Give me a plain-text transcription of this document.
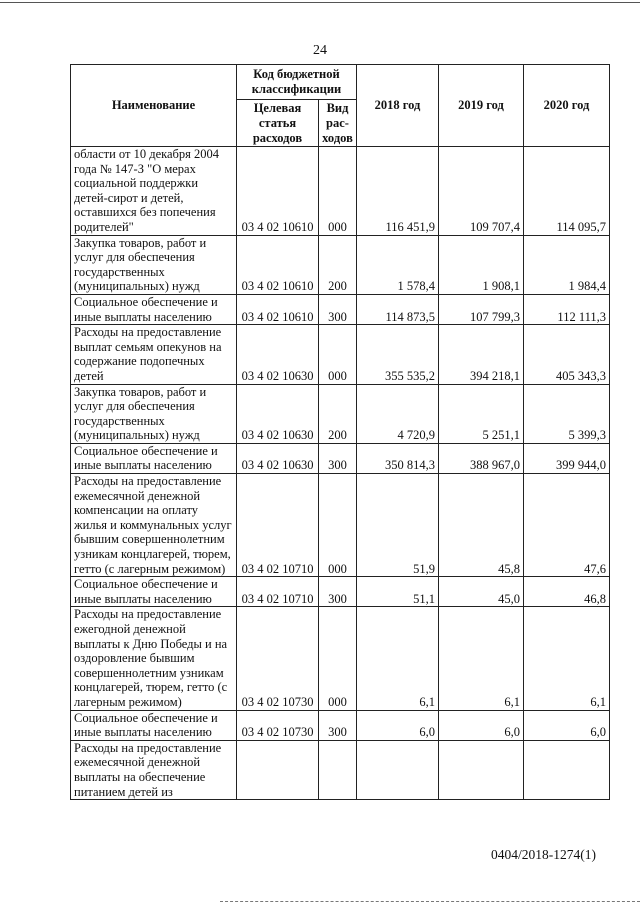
24
Наименование	Код бюджетной классификации		2018 год	2019 год	2020 год
	Целевая статья расходов	Вид рас-ходов			
области от 10 декабря 2004 года № 147-З "О мерах социальной поддержки детей-сирот и детей, оставшихся без попечения родителей"	03 4 02 10610	000	116 451,9	109 707,4	114 095,7
Закупка товаров, работ и услуг для обеспечения государственных (муниципальных) нужд	03 4 02 10610	200	1 578,4	1 908,1	1 984,4
Социальное обеспечение и иные выплаты населению	03 4 02 10610	300	114 873,5	107 799,3	112 111,3
Расходы на предоставление выплат семьям опекунов на содержание подопечных детей	03 4 02 10630	000	355 535,2	394 218,1	405 343,3
Закупка товаров, работ и услуг для обеспечения государственных (муниципальных) нужд	03 4 02 10630	200	4 720,9	5 251,1	5 399,3
Социальное обеспечение и иные выплаты населению	03 4 02 10630	300	350 814,3	388 967,0	399 944,0
Расходы на предоставление ежемесячной денежной компенсации на оплату жилья и коммунальных услуг бывшим совершеннолетним узникам концлагерей, тюрем, гетто (с лагерным режимом)	03 4 02 10710	000	51,9	45,8	47,6
Социальное обеспечение и иные выплаты населению	03 4 02 10710	300	51,1	45,0	46,8
Расходы на предоставление ежегодной денежной выплаты к Дню Победы и на оздоровление бывшим совершеннолетним узникам концлагерей, тюрем, гетто (с лагерным режимом)	03 4 02 10730	000	6,1	6,1	6,1
Социальное обеспечение и иные выплаты населению	03 4 02 10730	300	6,0	6,0	6,0
Расходы на предоставление ежемесячной денежной выплаты на обеспечение питанием детей из					
0404/2018-1274(1)
